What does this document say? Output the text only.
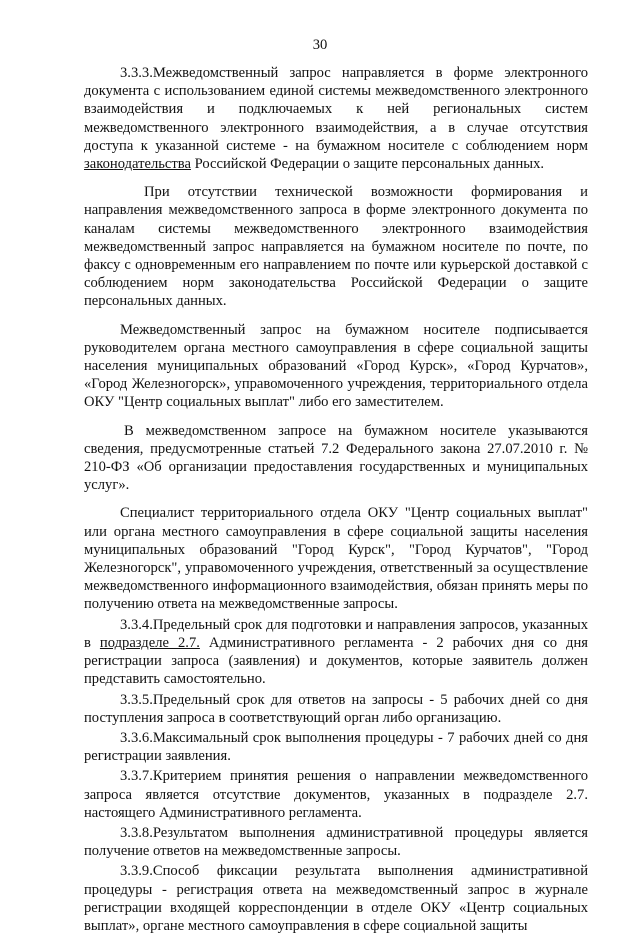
30

3.3.3.Межведомственный запрос направляется в форме электронного документа с использованием единой системы межведомственного электронного взаимодействия и подключаемых к ней региональных систем межведомственного электронного взаимодействия, а в случае отсутствия доступа к указанной системе - на бумажном носителе с соблюдением норм законодательства Российской Федерации о защите персональных данных.

При отсутствии технической возможности формирования и направления межведомственного запроса в форме электронного документа по каналам системы межведомственного электронного взаимодействия межведомственный запрос направляется на бумажном носителе по почте, по факсу с одновременным его направлением по почте или курьерской доставкой с соблюдением норм законодательства Российской Федерации о защите персональных данных.

Межведомственный запрос на бумажном носителе подписывается руководителем органа местного самоуправления в сфере социальной защиты населения муниципальных образований «Город Курск», «Город Курчатов», «Город Железногорск», управомоченного учреждения, территориального отдела ОКУ "Центр социальных выплат" либо его заместителем.

В межведомственном запросе на бумажном носителе указываются сведения, предусмотренные статьей 7.2 Федерального закона 27.07.2010 г. № 210-ФЗ «Об организации предоставления государственных и муниципальных услуг».

Специалист территориального отдела ОКУ "Центр социальных выплат" или органа местного самоуправления в сфере социальной защиты населения муниципальных образований "Город Курск", "Город Курчатов", "Город Железногорск", управомоченного учреждения, ответственный за осуществление межведомственного информационного взаимодействия, обязан принять меры по получению ответа на межведомственные запросы.

3.3.4.Предельный срок для подготовки и направления запросов, указанных в подразделе 2.7. Административного регламента - 2 рабочих дня со дня регистрации запроса (заявления) и документов, которые заявитель должен представить самостоятельно.

3.3.5.Предельный срок для ответов на запросы - 5 рабочих дней со дня поступления запроса в соответствующий орган либо организацию.

3.3.6.Максимальный срок выполнения процедуры - 7 рабочих дней со дня регистрации заявления.

3.3.7.Критерием принятия решения о направлении межведомственного запроса является отсутствие документов, указанных в подразделе 2.7. настоящего Административного регламента.

3.3.8.Результатом выполнения административной процедуры является получение ответов на межведомственные запросы.

3.3.9.Способ фиксации результата выполнения административной процедуры - регистрация ответа на межведомственный запрос в журнале регистрации входящей корреспонденции в отделе ОКУ «Центр социальных выплат», органе местного самоуправления в сфере социальной защиты
